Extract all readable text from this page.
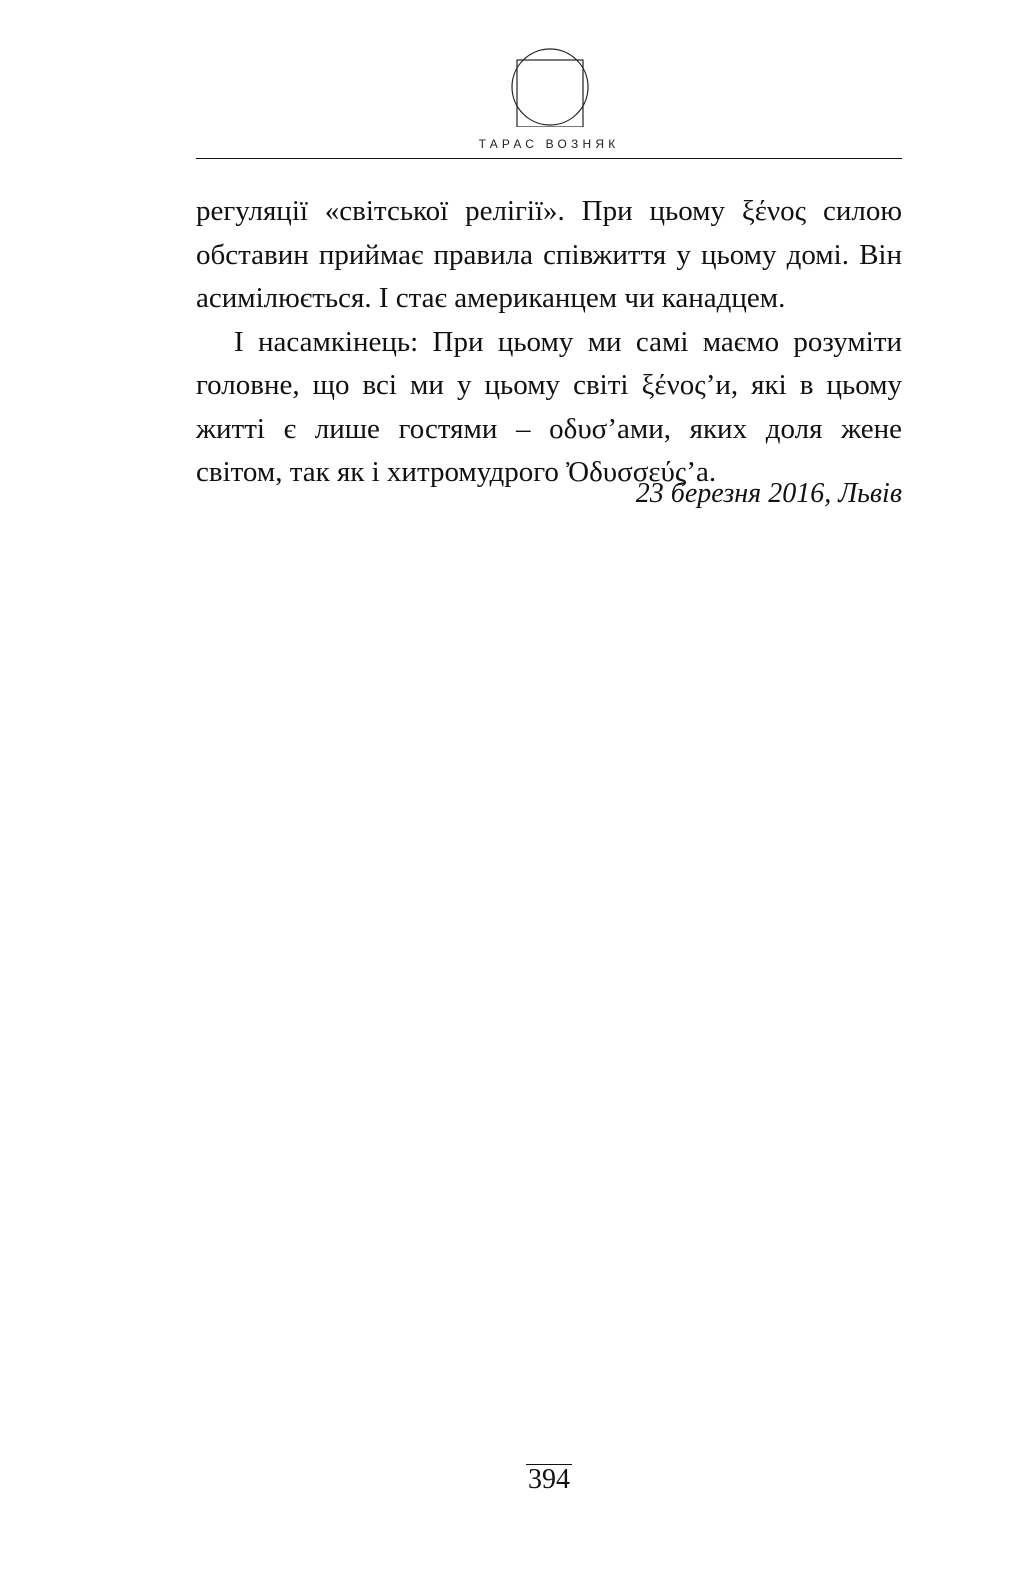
ТАРАС ВОЗНЯК

регуляції «світської релігії». При цьому ξένος силою обставин приймає правила співжиття у цьому домі. Він асимілюється. І стає американцем чи канадцем.

І насамкінець: При цьому ми самі маємо розуміти головне, що всі ми у цьому світі ξένος’и, які в цьому житті є лише гостями – οδυσ’ами, яких доля жене світом, так як і хитромудрого Ὀδυσσεύς’а.

23 березня 2016, Львів
394
